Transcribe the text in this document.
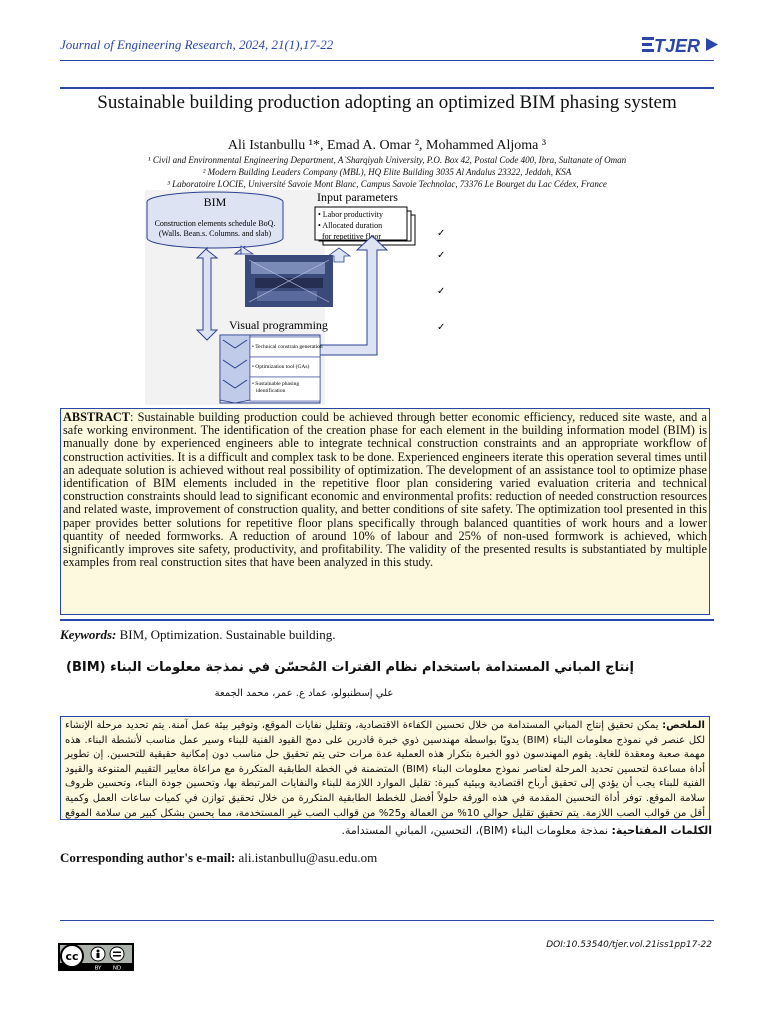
Journal of Engineering Research, 2024, 21(1),17-22	TJER
Sustainable building production adopting an optimized BIM phasing system
Ali Istanbullu ¹*, Emad A. Omar ², Mohammed Aljoma ³
¹ Civil and Environmental Engineering Department, A`Sharqiyah University, P.O. Box 42, Postal Code 400, Ibra, Sultanate of Oman
² Modern Building Leaders Company (MBL), HQ Elite Building 3035 Al Andalus 23322, Jeddah, KSA
³ Laboratoire LOCIE, Université Savoie Mont Blanc, Campus Savoie Technolac, 73376 Le Bourget du Lac Cédex, France
BIM
Construction elements schedule BoQ.
(Walls. Bean.s. Columns. and slab)
Input parameters
• Labor productivity
• Allocated duration
for repetitive floor
Visual programming
• Technical constrain generation
• Optimization tool (GAs)
• Sustainable phasing
identification
✓
✓
✓
✓
ABSTRACT: Sustainable building production could be achieved through better economic efficiency, reduced site waste, and a safe working environment. The identification of the creation phase for each element in the building information model (BIM) is manually done by experienced engineers able to integrate technical construction constraints and an appropriate workflow of construction activities. It is a difficult and complex task to be done. Experienced engineers iterate this operation several times until an adequate solution is achieved without real possibility of optimization. The development of an assistance tool to optimize phase identification of BIM elements included in the repetitive floor plan considering varied evaluation criteria and technical construction constraints should lead to significant economic and environmental profits: reduction of needed construction resources and related waste, improvement of construction quality, and better conditions of site safety. The optimization tool presented in this paper provides better solutions for repetitive floor plans specifically through balanced quantities of work hours and a lower quantity of needed formworks. A reduction of around 10% of labour and 25% of non-used formwork is achieved, which significantly improves site safety, productivity, and profitability. The validity of the presented results is substantiated by multiple examples from real construction sites that have been analyzed in this study.
Keywords: BIM, Optimization. Sustainable building.
إنتاج المباني المستدامة باستخدام نظام الفترات المُحسّن في نمذجة معلومات البناء (BIM)
علي إسطنبولو، عماد ع. عمر، محمد الجمعة
الملخص: يمكن تحقيق إنتاج المباني المستدامة من خلال تحسين الكفاءة الاقتصادية، وتقليل نفايات الموقع، وتوفير بيئة عمل آمنة. يتم تحديد مرحلة الإنشاء لكل عنصر في نموذج معلومات البناء (BIM) يدويًا بواسطة مهندسين ذوي خبرة قادرين على دمج القيود الفنية للبناء وسير عمل مناسب لأنشطة البناء. هذه مهمة صعبة ومعقدة للغاية. يقوم المهندسون ذوو الخبرة بتكرار هذه العملية عدة مرات حتى يتم تحقيق حل مناسب دون إمكانية حقيقية للتحسين. إن تطوير أداة مساعدة لتحسين تحديد المرحلة لعناصر نموذج معلومات البناء (BIM) المتضمنة في الخطة الطابقية المتكررة مع مراعاة معايير التقييم المتنوعة والقيود الفنية للبناء يجب أن يؤدي إلى تحقيق أرباح اقتصادية وبيئية كبيرة: تقليل الموارد اللازمة للبناء والنفايات المرتبطة بها، وتحسين جودة البناء، وتحسين ظروف سلامة الموقع. توفر أداة التحسين المقدمة في هذه الورقة حلولاً أفضل للخطط الطابقية المتكررة من خلال تحقيق توازن في كميات ساعات العمل وكمية أقل من قوالب الصب اللازمة. يتم تحقيق تقليل حوالي 10% من العمالة و25% من قوالب الصب غير المستخدمة، مما يحسن بشكل كبير من سلامة الموقع
الكلمات المفتاحية: نمذجة معلومات البناء (BIM)، التحسين، المباني المستدامة.
Corresponding author's e-mail: ali.istanbullu@asu.edu.om
cc
BY ND
DOI:10.53540/tjer.vol.21iss1pp17-22
